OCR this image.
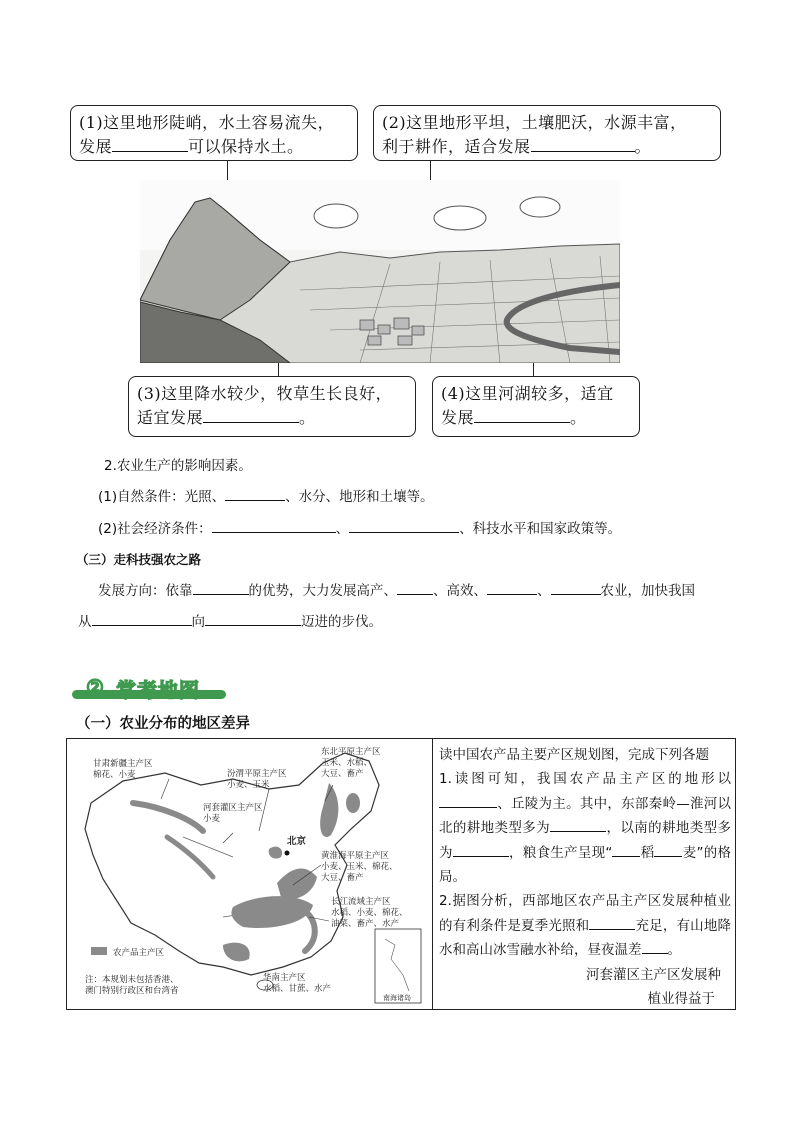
(1)这里地形陡峭，水土容易流失，
发展	可以保持水土。
(2)这里地形平坦，土壤肥沃，水源丰富，
利于耕作，适合发展	。
(3)这里降水较少，牧草生长良好，
适宜发展	。
(4)这里河湖较多，适宜
发展	。
2.农业生产的影响因素。
(1)自然条件：光照、	、水分、地形和土壤等。
(2)社会经济条件：	、	、科技水平和国家政策等。
（三）走科技强农之路
发展方向：依靠	的优势，大力发展高产、	、高效、	、	农业，加快我国
从	向	迈进的步伐。
② 常考地图
（一）农业分布的地区差异
甘肃新疆主产区
棉花、小麦	汾渭平原主产区
小麦、玉米
河套灌区主产区
小麦
东北平原主产区
玉米、水稻、
大豆、畜产
北京
黄淮海平原主产区
小麦、玉米、棉花、
大豆、畜产
长江流域主产区
水稻、小麦、棉花、
油菜、畜产、水产
华南主产区
水稻、甘蔗、水产
农产品主产区
注：本规划未包括香港、
澳门特别行政区和台湾省
南海诸岛

读中国农产品主要产区规划图，完成下列各题

1.读图可知，我国农产品主产区的地形以、丘陵为主。其中，东部秦岭—淮河以北的耕地类型多为	，以南的耕地类型多为	，粮食生产呈现“ 稻 麦”的格局。

2.据图分析，西部地区农产品主产区发展种植业的有利条件是夏季光照和	充足，有山地降水和高山冰雪融水补给，昼夜温差 。

河套灌区主产区发展种

植业得益于
